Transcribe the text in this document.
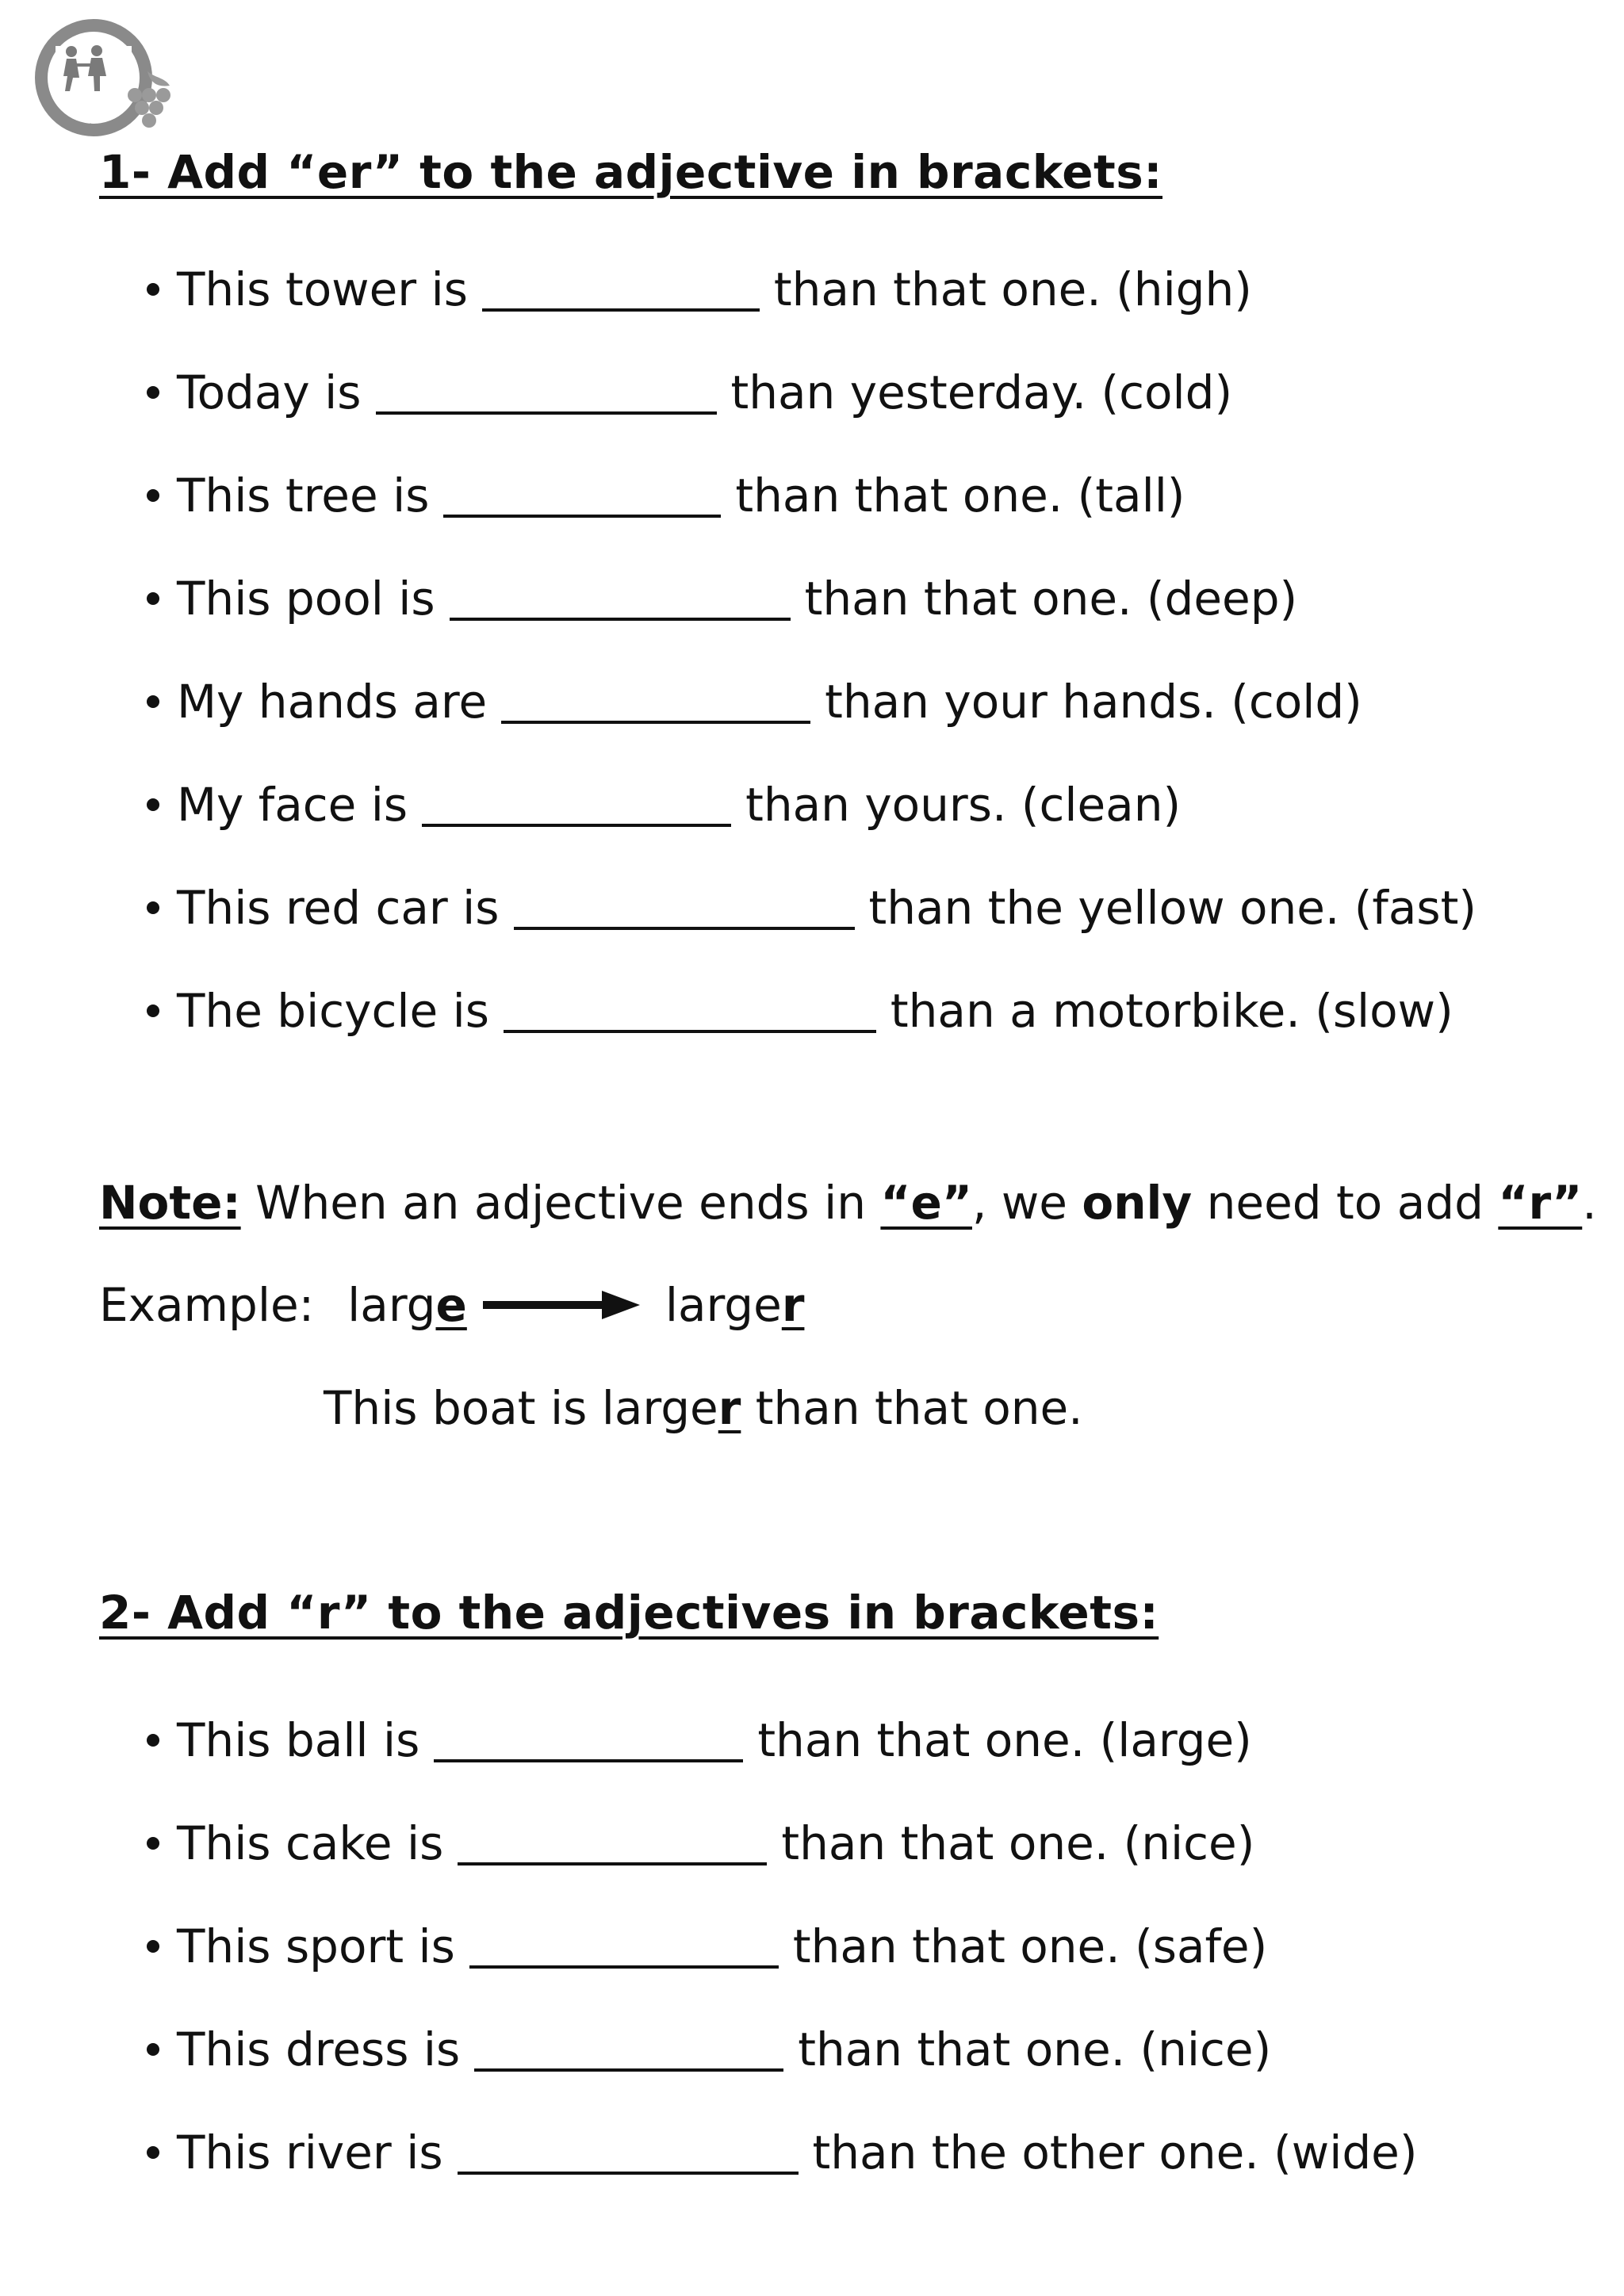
K.L.S.
1- Add “er” to the adjective in brackets:
This tower is	than that one. (high)
Today is	than yesterday. (cold)
This tree is	than that one. (tall)
This pool is	than that one. (deep)
My hands are	than your hands. (cold)
My face is	than yours. (clean)
This red car is	than the yellow one. (fast)
The bicycle is	than a motorbike. (slow)
Note: When an adjective ends in “e”, we only need to add “r”.
Example: large	larger
This boat is larger than that one.
2- Add “r” to the adjectives in brackets:
This ball is	than that one. (large)
This cake is	than that one. (nice)
This sport is	than that one. (safe)
This dress is	than that one. (nice)
This river is	than the other one. (wide)
